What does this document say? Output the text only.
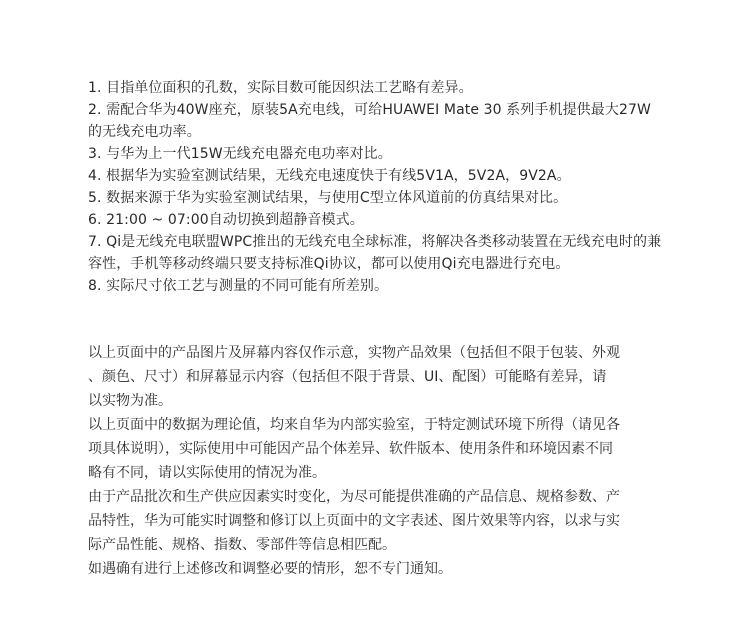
1. 目指单位面积的孔数，实际目数可能因织法工艺略有差异。
2. 需配合华为40W座充，原装5A充电线，可给HUAWEI Mate 30 系列手机提供最大27W
的无线充电功率。
3. 与华为上一代15W无线充电器充电功率对比。
4. 根据华为实验室测试结果，无线充电速度快于有线5V1A，5V2A，9V2A。
5. 数据来源于华为实验室测试结果，与使用C型立体风道前的仿真结果对比。
6. 21:00 ~ 07:00自动切换到超静音模式。
7. Qi是无线充电联盟WPC推出的无线充电全球标准，将解决各类移动装置在无线充电时的兼
容性，手机等移动终端只要支持标准Qi协议，都可以使用Qi充电器进行充电。
8. 实际尺寸依工艺与测量的不同可能有所差别。

以上页面中的产品图片及屏幕内容仅作示意，实物产品效果（包括但不限于包装、外观
、颜色、尺寸）和屏幕显示内容（包括但不限于背景、UI、配图）可能略有差异，请
以实物为准。

以上页面中的数据为理论值，均来自华为内部实验室，于特定测试环境下所得（请见各
项具体说明），实际使用中可能因产品个体差异、软件版本、使用条件和环境因素不同
略有不同，请以实际使用的情况为准。

由于产品批次和生产供应因素实时变化，为尽可能提供准确的产品信息、规格参数、产
品特性，华为可能实时调整和修订以上页面中的文字表述、图片效果等内容，以求与实
际产品性能、规格、指数、零部件等信息相匹配。

如遇确有进行上述修改和调整必要的情形，恕不专门通知。
